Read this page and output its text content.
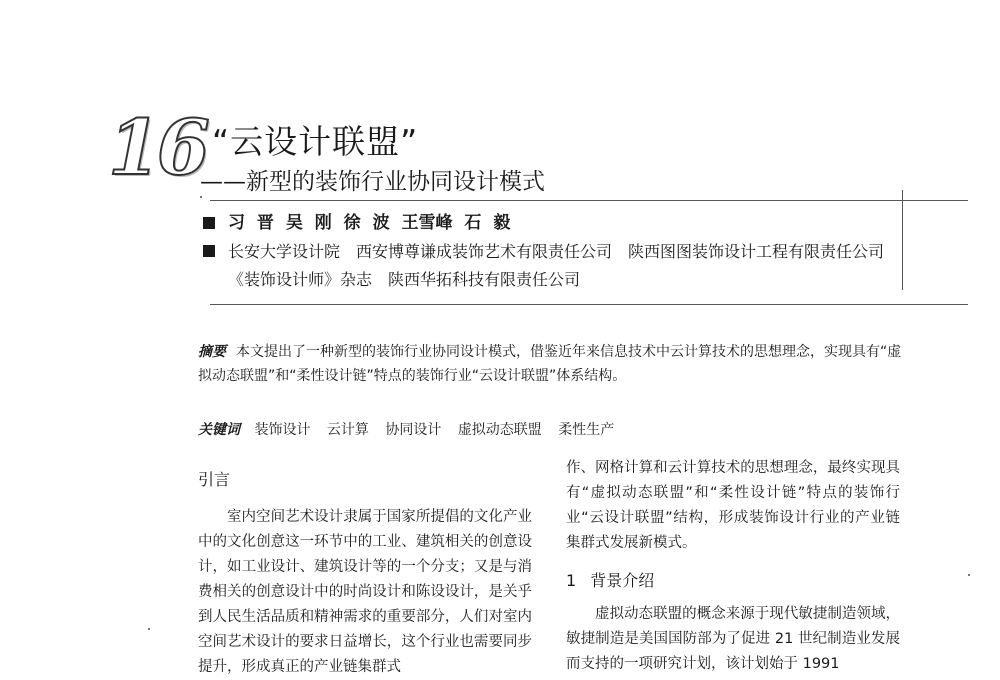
16 “云设计联盟”
——新型的装饰行业协同设计模式
习 晋 吴 刚 徐 波 王雪峰 石 毅
长安大学设计院　西安博尊谦成装饰艺术有限责任公司　陕西图图装饰设计工程有限责任公司　《装饰设计师》杂志　陕西华拓科技有限责任公司
摘要 本文提出了一种新型的装饰行业协同设计模式，借鉴近年来信息技术中云计算技术的思想理念，实现具有“虚拟动态联盟”和“柔性设计链”特点的装饰行业“云设计联盟”体系结构。
关键词 装饰设计 云计算 协同设计 虚拟动态联盟 柔性生产
引言

室内空间艺术设计隶属于国家所提倡的文化产业中的文化创意这一环节中的工业、建筑相关的创意设计，如工业设计、建筑设计等的一个分支；又是与消费相关的创意设计中的时尚设计和陈设设计，是关乎到人民生活品质和精神需求的重要部分，人们对室内空间艺术设计的要求日益增长，这个行业也需要同步提升，形成真正的产业链集群式

作、网格计算和云计算技术的思想理念，最终实现具有“虚拟动态联盟”和“柔性设计链”特点的装饰行业“云设计联盟”结构，形成装饰设计行业的产业链集群式发展新模式。

1 背景介绍

虚拟动态联盟的概念来源于现代敏捷制造领域，敏捷制造是美国国防部为了促进 21 世纪制造业发展而支持的一项研究计划，该计划始于 1991
